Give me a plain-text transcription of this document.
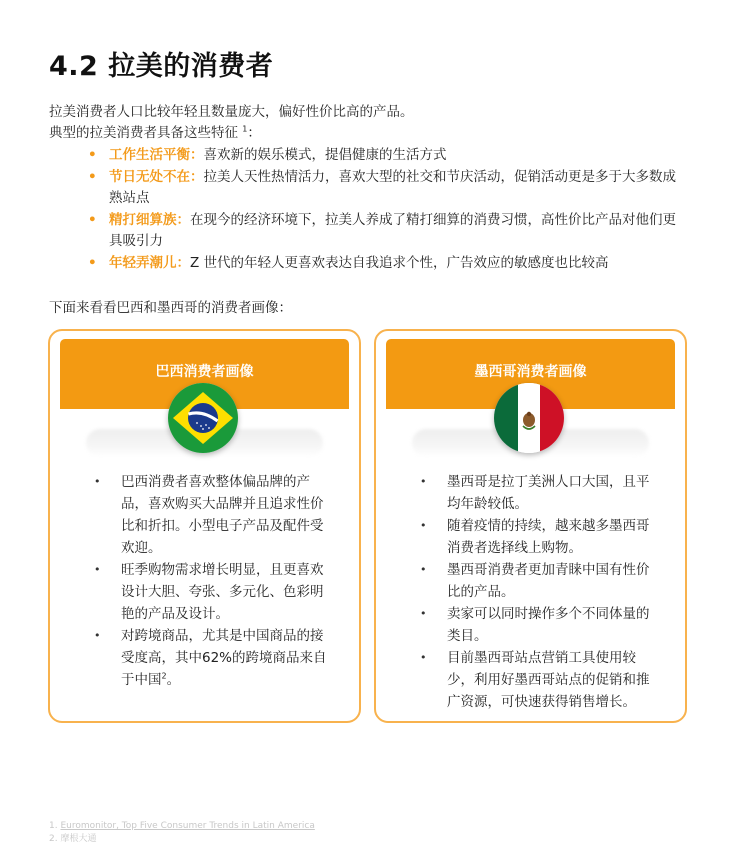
4.2 拉美的消费者
拉美消费者人口比较年轻且数量庞大，偏好性价比高的产品。
典型的拉美消费者具备这些特征 $^1$：
• 工作生活平衡：喜欢新的娱乐模式，提倡健康的生活方式
• 节日无处不在：拉美人天性热情活力，喜欢大型的社交和节庆活动，促销活动更是多于大多数成熟站点
• 精打细算族：在现今的经济环境下，拉美人养成了精打细算的消费习惯，高性价比产品对他们更具吸引力
• 年轻弄潮儿：Z 世代的年轻人更喜欢表达自我追求个性，广告效应的敏感度也比较高
下面来看看巴西和墨西哥的消费者画像：
巴西消费者画像
• 巴西消费者喜欢整体偏品牌的产品，喜欢购买大品牌并且追求性价比和折扣。小型电子产品及配件受欢迎。
• 旺季购物需求增长明显，且更喜欢设计大胆、夸张、多元化、色彩明艳的产品及设计。
• 对跨境商品，尤其是中国商品的接受度高，其中62%的跨境商品来自于中国$^2$。
墨西哥消费者画像
• 墨西哥是拉丁美洲人口大国，且平均年龄较低。
• 随着疫情的持续，越来越多墨西哥消费者选择线上购物。
• 墨西哥消费者更加青睐中国有性价比的产品。
• 卖家可以同时操作多个不同体量的类目。
• 目前墨西哥站点营销工具使用较少，利用好墨西哥站点的促销和推广资源，可快速获得销售增长。
1. Euromonitor, Top Five Consumer Trends in Latin America
2. 摩根大通
